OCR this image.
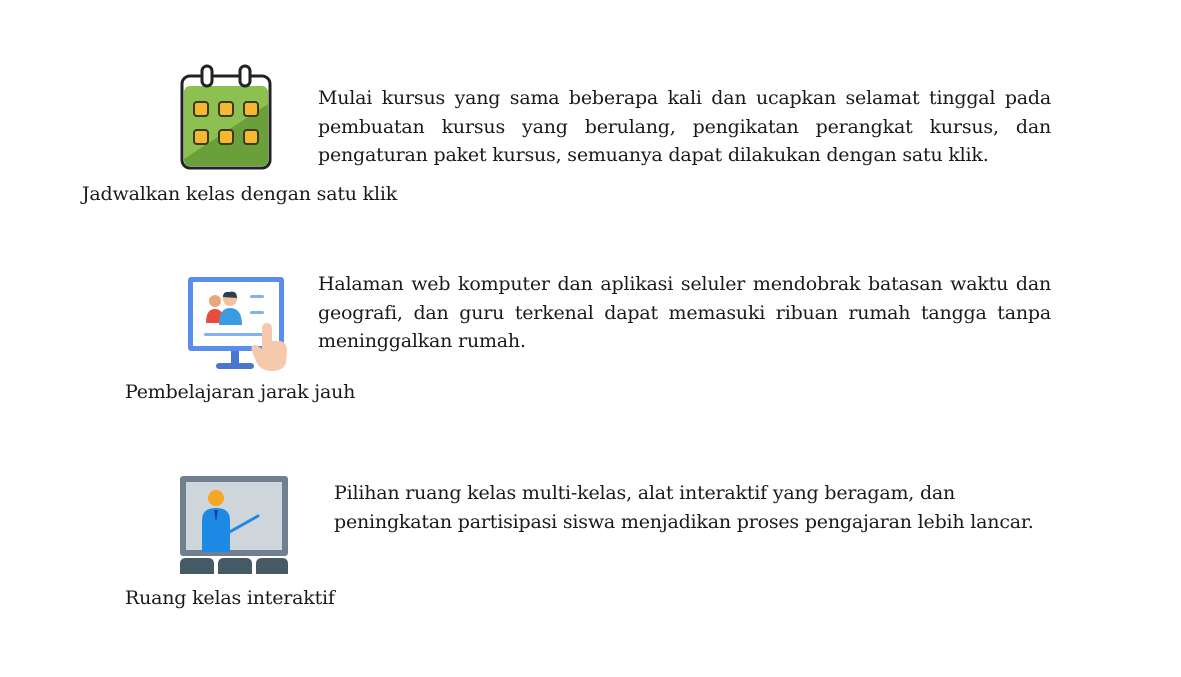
Mulai kursus yang sama beberapa kali dan ucapkan selamat tinggal pada pembuatan kursus yang berulang, pengikatan perangkat kursus, dan pengaturan paket kursus, semuanya dapat dilakukan dengan satu klik.
Jadwalkan kelas dengan satu klik
Halaman web komputer dan aplikasi seluler mendobrak batasan waktu dan geografi, dan guru terkenal dapat memasuki ribuan rumah tangga tanpa meninggalkan rumah.
Pembelajaran jarak jauh
Pilihan ruang kelas multi-kelas, alat interaktif yang beragam, dan peningkatan partisipasi siswa menjadikan proses pengajaran lebih lancar.
Ruang kelas interaktif
